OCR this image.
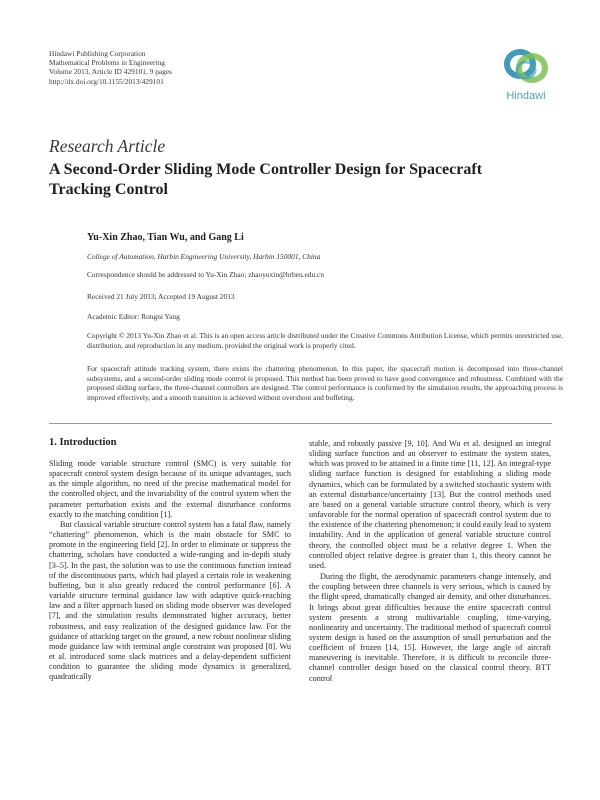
Hindawi Publishing Corporation
Mathematical Problems in Engineering
Volume 2013, Article ID 429101, 9 pages
http://dx.doi.org/10.1155/2013/429101
Hindawi
Research Article
A Second-Order Sliding Mode Controller Design for Spacecraft Tracking Control
Yu-Xin Zhao, Tian Wu, and Gang Li
College of Automation, Harbin Engineering University, Harbin 150001, China
Correspondence should be addressed to Yu-Xin Zhao; zhaoyuxin@hrbeu.edu.cn
Received 21 July 2013; Accepted 19 August 2013
Academic Editor: Rongni Yang
Copyright © 2013 Yu-Xin Zhao et al. This is an open access article distributed under the Creative Commons Attribution License, which permits unrestricted use, distribution, and reproduction in any medium, provided the original work is properly cited.
For spacecraft attitude tracking system, there exists the chattering phenomenon. In this paper, the spacecraft motion is decomposed into three-channel subsystems, and a second-order sliding mode control is proposed. This method has been proved to have good convergence and robustness. Combined with the proposed sliding surface, the three-channel controllers are designed. The control performance is confirmed by the simulation results, the approaching process is improved effectively, and a smooth transition is achieved without overshoot and buffeting.
1. Introduction

Sliding mode variable structure control (SMC) is very suitable for spacecraft control system design because of its unique advantages, such as the simple algorithm, no need of the precise mathematical model for the controlled object, and the invariability of the control system when the parameter perturbation exists and the external disturbance conforms exactly to the matching condition [1].

But classical variable structure control system has a fatal flaw, namely “chattering” phenomenon, which is the main obstacle for SMC to promote in the engineering field [2]. In order to eliminate or suppress the chattering, scholars have conducted a wide-ranging and in-depth study [3–5]. In the past, the solution was to use the continuous function instead of the discontinuous parts, which had played a certain role in weakening buffeting, but it also greatly reduced the control performance [6]. A variable structure terminal guidance law with adaptive quick-reaching law and a filter approach based on sliding mode observer was developed [7], and the simulation results demonstrated higher accuracy, better robustness, and easy realization of the designed guidance law. For the guidance of attacking target on the ground, a new robust nonlinear sliding mode guidance law with terminal angle constraint was proposed [8]. Wu et al. introduced some slack matrices and a delay-dependent sufficient condition to guarantee the sliding mode dynamics is generalized, quadratically

stable, and robustly passive [9, 10]. And Wu et al. designed an integral sliding surface function and an observer to estimate the system states, which was proved to be attained in a finite time [11, 12]. An integral-type sliding surface function is designed for establishing a sliding mode dynamics, which can be formulated by a switched stochastic system with an external disturbance/uncertainty [13]. But the control methods used are based on a general variable structure control theory, which is very unfavorable for the normal operation of spacecraft control system due to the existence of the chattering phenomenon; it could easily lead to system instability. And in the application of general variable structure control theory, the controlled object must be a relative degree 1. When the controlled object relative degree is greater than 1, this theory cannot be used.

During the flight, the aerodynamic parameters change intensely, and the coupling between three channels is very serious, which is caused by the flight speed, dramatically changed air density, and other disturbances. It brings about great difficulties because the entire spacecraft control system presents a strong multivariable coupling, time-varying, nonlinearity and uncertainty. The traditional method of spacecraft control system design is based on the assumption of small perturbation and the coefficient of frozen [14, 15]. However, the large angle of aircraft maneuvering is inevitable. Therefore, it is difficult to reconcile three-channel controller design based on the classical control theory. BTT control
